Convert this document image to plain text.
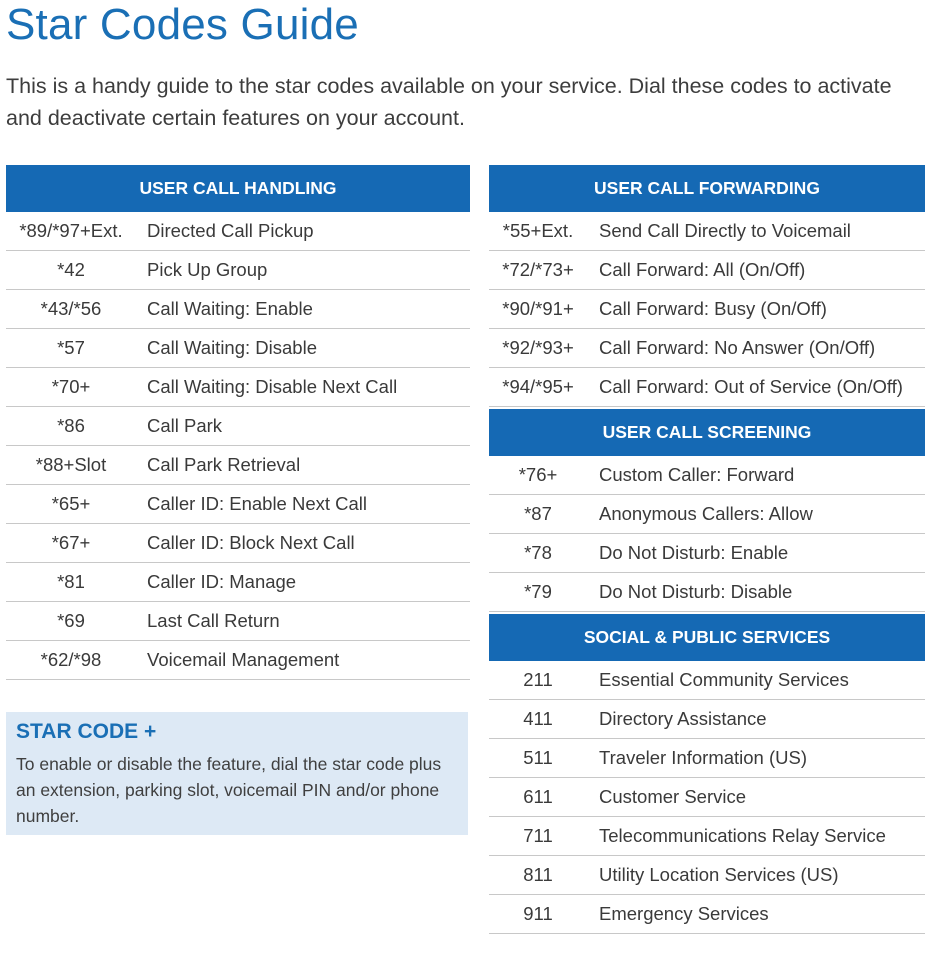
Star Codes Guide
This is a handy guide to the star codes available on your service. Dial these codes to activate and deactivate certain features on your account.
USER CALL HANDLING
*89/*97+Ext.	Directed Call Pickup
*42	Pick Up Group
*43/*56	Call Waiting: Enable
*57	Call Waiting: Disable
*70+	Call Waiting: Disable Next Call
*86	Call Park
*88+Slot	Call Park Retrieval
*65+	Caller ID: Enable Next Call
*67+	Caller ID: Block Next Call
*81	Caller ID: Manage
*69	Last Call Return
*62/*98	Voicemail Management
STAR CODE +
To enable or disable the feature, dial the star code plus an extension, parking slot, voicemail PIN and/or phone number.
USER CALL FORWARDING
*55+Ext.	Send Call Directly to Voicemail
*72/*73+	Call Forward: All (On/Off)
*90/*91+	Call Forward: Busy (On/Off)
*92/*93+	Call Forward: No Answer (On/Off)
*94/*95+	Call Forward: Out of Service (On/Off)
USER CALL SCREENING
*76+	Custom Caller: Forward
*87	Anonymous Callers: Allow
*78	Do Not Disturb: Enable
*79	Do Not Disturb: Disable
SOCIAL & PUBLIC SERVICES
211	Essential Community Services
411	Directory Assistance
511	Traveler Information (US)
611	Customer Service
711	Telecommunications Relay Service
811	Utility Location Services (US)
911	Emergency Services
